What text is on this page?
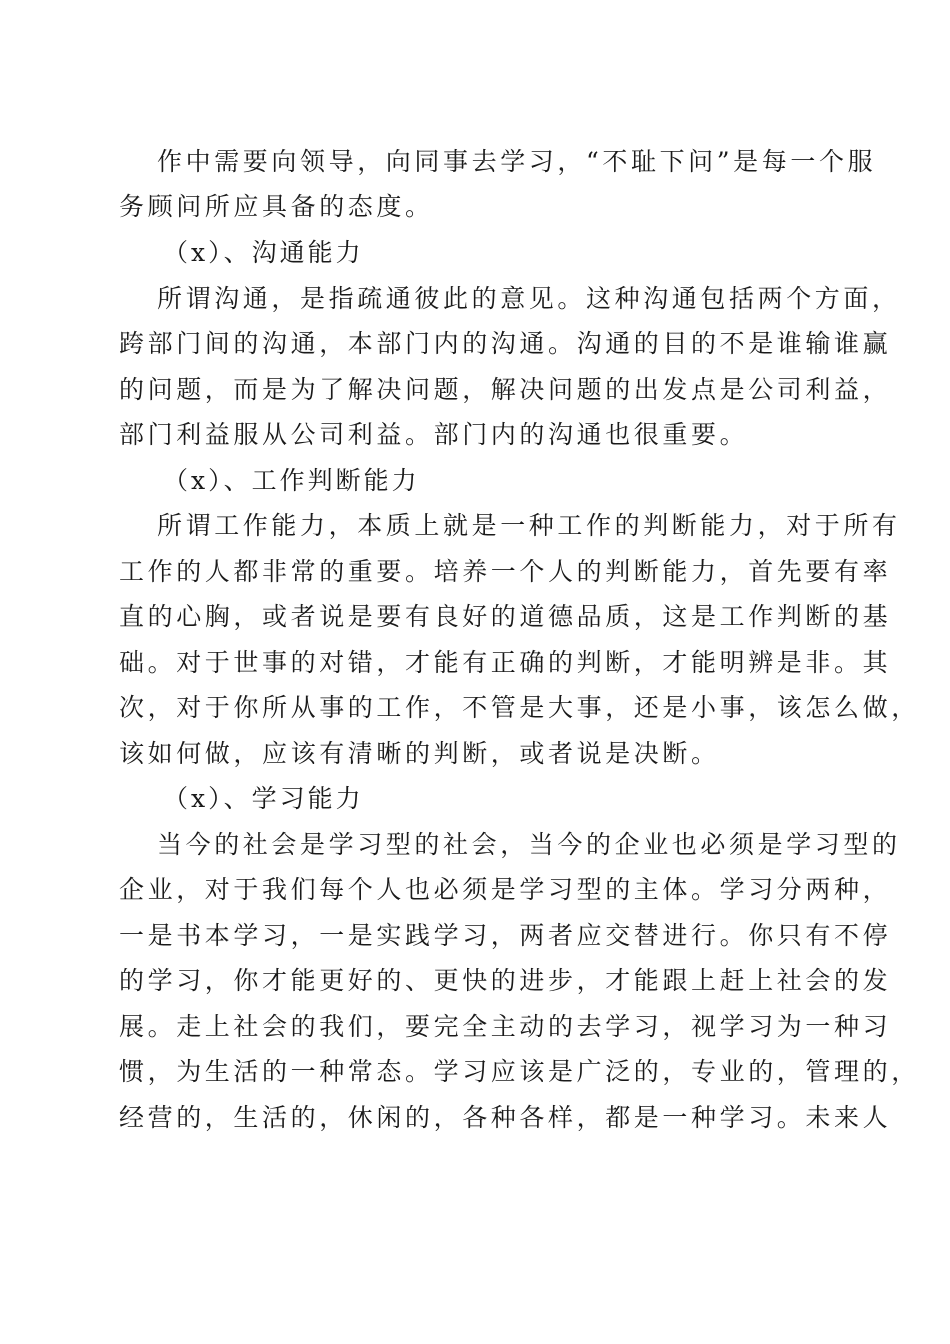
作中需要向领导，向同事去学习，“不耻下问”是每一个服
务顾问所应具备的态度。
（x）、沟通能力
所谓沟通，是指疏通彼此的意见。这种沟通包括两个方面，
跨部门间的沟通，本部门内的沟通。沟通的目的不是谁输谁赢
的问题，而是为了解决问题，解决问题的出发点是公司利益，
部门利益服从公司利益。部门内的沟通也很重要。
（x）、工作判断能力
所谓工作能力，本质上就是一种工作的判断能力，对于所有
工作的人都非常的重要。培养一个人的判断能力，首先要有率
直的心胸，或者说是要有良好的道德品质，这是工作判断的基
础。对于世事的对错，才能有正确的判断，才能明辨是非。其
次，对于你所从事的工作，不管是大事，还是小事，该怎么做，
该如何做，应该有清晰的判断，或者说是决断。
（x）、学习能力
当今的社会是学习型的社会，当今的企业也必须是学习型的
企业，对于我们每个人也必须是学习型的主体。学习分两种，
一是书本学习，一是实践学习，两者应交替进行。你只有不停
的学习，你才能更好的、更快的进步，才能跟上赶上社会的发
展。走上社会的我们，要完全主动的去学习，视学习为一种习
惯，为生活的一种常态。学习应该是广泛的，专业的，管理的，
经营的，生活的，休闲的，各种各样，都是一种学习。未来人
